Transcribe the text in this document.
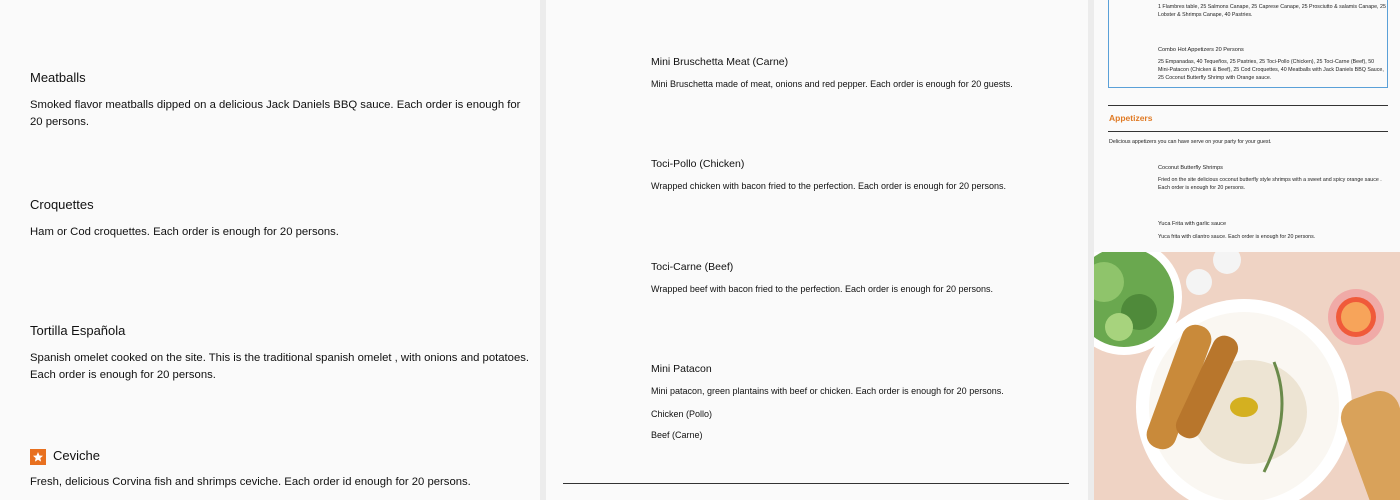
Meatballs

Smoked flavor meatballs dipped on a delicious Jack Daniels BBQ sauce. Each order is enough for 20 persons.

Croquettes

Ham or Cod croquettes. Each order is enough for 20 persons.

Tortilla Española

Spanish omelet cooked on the site. This is the traditional spanish omelet , with onions and potatoes. Each order is enough for 20 persons.

Ceviche

Fresh, delicious Corvina fish and shrimps ceviche. Each order id enough for 20 persons.

Mini Bruschetta Meat (Carne)

Mini Bruschetta made of meat, onions and red pepper. Each order is enough for 20 guests.

Toci-Pollo (Chicken)

Wrapped chicken with bacon fried to the perfection. Each order is enough for 20 persons.

Toci-Carne (Beef)

Wrapped beef with bacon fried to the perfection. Each order is enough for 20 persons.

Mini Patacon

Mini patacon, green plantains with beef or chicken. Each order is enough for 20 persons.

Chicken (Pollo)

Beef (Carne)

1 Flambres table, 25 Salmons Canape, 25 Caprese Canape, 25 Prosciutto & salamis Canape, 25 Lobster & Shrimps Canape, 40 Pastries.
Combo Hot Appetizers 20 Persons
25 Empanadas, 40 Tequeños, 25 Pastries, 25 Toci-Pollo (Chicken), 25 Toci-Carne (Beef), 50 Mini-Patacon (Chicken & Beef), 25 Cod Croquettes, 40 Meatballs with Jack Daniels BBQ Sauce, 25 Coconut Butterfly Shrimp with Orange sauce.
Appetizers
Delicious appetizers you can have serve on your party for your guest.
Coconut Butterfly Shrimps
Fried on the site delicious coconut butterfly style shrimps with a sweet and spicy orange sauce . Each order is enough for 20 persons.
Yuca Frita with garlic sauce
Yuca frita with cilantro sauce. Each order is enough for 20 persons.
